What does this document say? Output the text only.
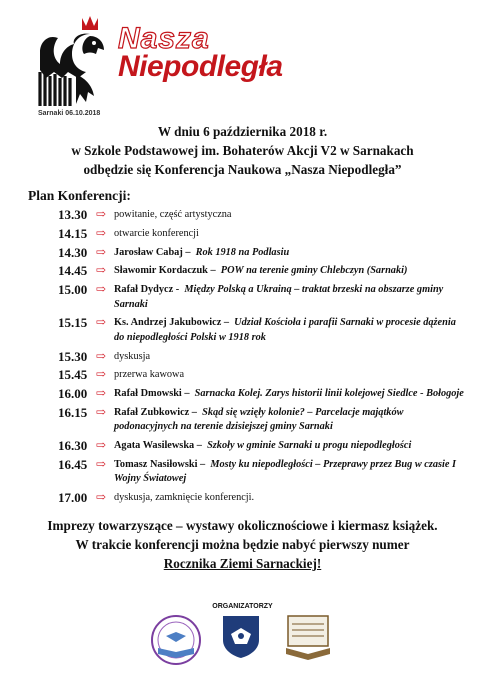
Nasza
Niepodległa
Sarnaki 06.10.2018
W dniu 6 października 2018 r.
w Szkole Podstawowej im. Bohaterów Akcji V2 w Sarnakach
odbędzie się Konferencja Naukowa „Nasza Niepodległa”
Plan Konferencji:
13.30 ⇨ powitanie, część artystyczna
14.15 ⇨ otwarcie konferencji
14.30 ⇨ Jarosław Cabaj – Rok 1918 na Podlasiu
14.45 ⇨ Sławomir Kordaczuk – POW na terenie gminy Chlebczyn (Sarnaki)
15.00 ⇨ Rafał Dydycz - Między Polską a Ukrainą – traktat brzeski na obszarze gminy Sarnaki
15.15 ⇨ Ks. Andrzej Jakubowicz – Udział Kościoła i parafii Sarnaki w procesie dążenia do niepodległości Polski w 1918 rok
15.30 ⇨ dyskusja
15.45 ⇨ przerwa kawowa
16.00 ⇨ Rafał Dmowski – Sarnacka Kolej. Zarys historii linii kolejowej Siedlce - Bołogoje
16.15 ⇨ Rafał Zubkowicz – Skąd się wzięły kolonie? – Parcelacje majątków podonacyjnych na terenie dzisiejszej gminy Sarnaki
16.30 ⇨ Agata Wasilewska – Szkoły w gminie Sarnaki u progu niepodległości
16.45 ⇨ Tomasz Nasiłowski – Mosty ku niepodległości – Przeprawy przez Bug w czasie I Wojny Światowej
17.00 ⇨ dyskusja, zamknięcie konferencji.
Imprezy towarzyszące – wystawy okolicznościowe i kiermasz książek.
W trakcie konferencji można będzie nabyć pierwszy numer
Rocznika Ziemi Sarnackiej!
ORGANIZATORZY
